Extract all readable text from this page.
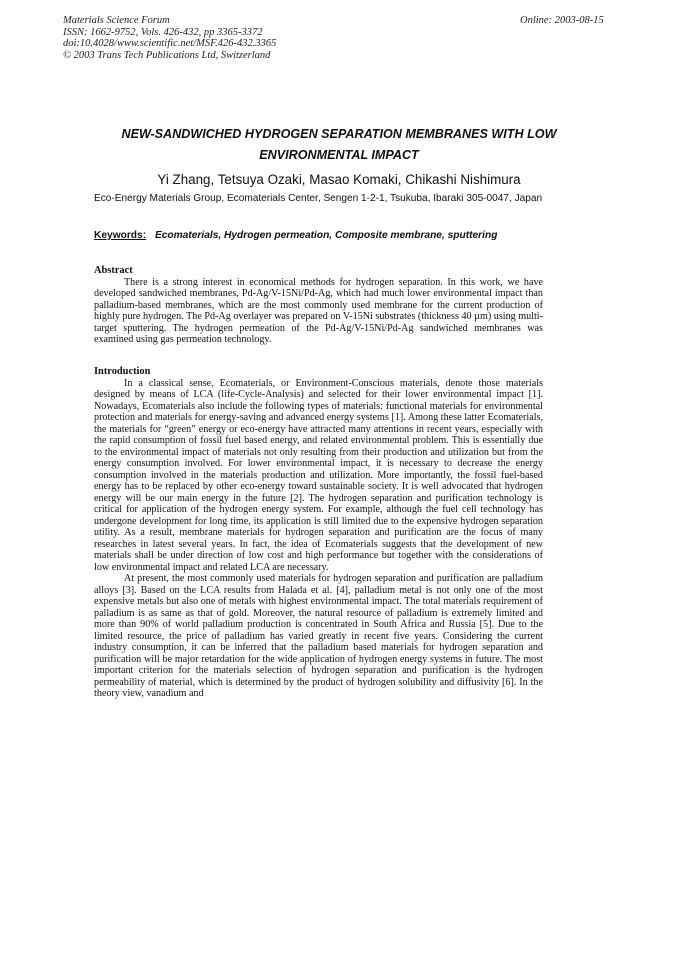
Materials Science Forum
ISSN: 1662-9752, Vols. 426-432, pp 3365-3372
doi:10.4028/www.scientific.net/MSF.426-432.3365
© 2003 Trans Tech Publications Ltd, Switzerland
Online: 2003-08-15
NEW-SANDWICHED HYDROGEN SEPARATION MEMBRANES WITH LOW
ENVIRONMENTAL IMPACT
Yi Zhang, Tetsuya Ozaki, Masao Komaki, Chikashi Nishimura
Eco-Energy Materials Group, Ecomaterials Center, Sengen 1-2-1, Tsukuba, Ibaraki 305-0047, Japan
Keywords: Ecomaterials, Hydrogen permeation, Composite membrane, sputtering
Abstract

There is a strong interest in economical methods for hydrogen separation. In this work, we have developed sandwiched membranes, Pd-Ag/V-15Ni/Pd-Ag, which had much lower environmental impact than palladium-based membranes, which are the most commonly used membrane for the current production of highly pure hydrogen. The Pd-Ag overlayer was prepared on V-15Ni substrates (thickness 40 µm) using multi-target sputtering. The hydrogen permeation of the Pd-Ag/V-15Ni/Pd-Ag sandwiched membranes was examined using gas permeation technology.

Introduction

In a classical sense, Ecomaterials, or Environment-Conscious materials, denote those materials designed by means of LCA (life-Cycle-Analysis) and selected for their lower environmental impact [1]. Nowadays, Ecomaterials also include the following types of materials: functional materials for environmental protection and materials for energy-saving and advanced energy systems [1]. Among these latter Ecomaterials, the materials for “green” energy or eco-energy have attracted many attentions in recent years, especially with the rapid consumption of fossil fuel based energy, and related environmental problem. This is essentially due to the environmental impact of materials not only resulting from their production and utilization but from the energy consumption involved. For lower environmental impact, it is necessary to decrease the energy consumption involved in the materials production and utilization. More importantly, the fossil fuel-based energy has to be replaced by other eco-energy toward sustainable society. It is well advocated that hydrogen energy will be our main energy in the future [2]. The hydrogen separation and purification technology is critical for application of the hydrogen energy system. For example, although the fuel cell technology has undergone development for long time, its application is still limited due to the expensive hydrogen separation utility. As a result, membrane materials for hydrogen separation and purification are the focus of many researches in latest several years. In fact, the idea of Ecomaterials suggests that the development of new materials shall be under direction of low cost and high performance but together with the considerations of low environmental impact and related LCA are necessary.

At present, the most commonly used materials for hydrogen separation and purification are palladium alloys [3]. Based on the LCA results from Halada et al. [4], palladium metal is not only one of the most expensive metals but also one of metals with highest environmental impact. The total materials requirement of palladium is as same as that of gold. Moreover, the natural resource of palladium is extremely limited and more than 90% of world palladium production is concentrated in South Africa and Russia [5]. Due to the limited resource, the price of palladium has varied greatly in recent five years. Considering the current industry consumption, it can be inferred that the palladium based materials for hydrogen separation and purification will be major retardation for the wide application of hydrogen energy systems in future. The most important criterion for the materials selection of hydrogen separation and purification is the hydrogen permeability of material, which is determined by the product of hydrogen solubility and diffusivity [6]. In the theory view, vanadium and
